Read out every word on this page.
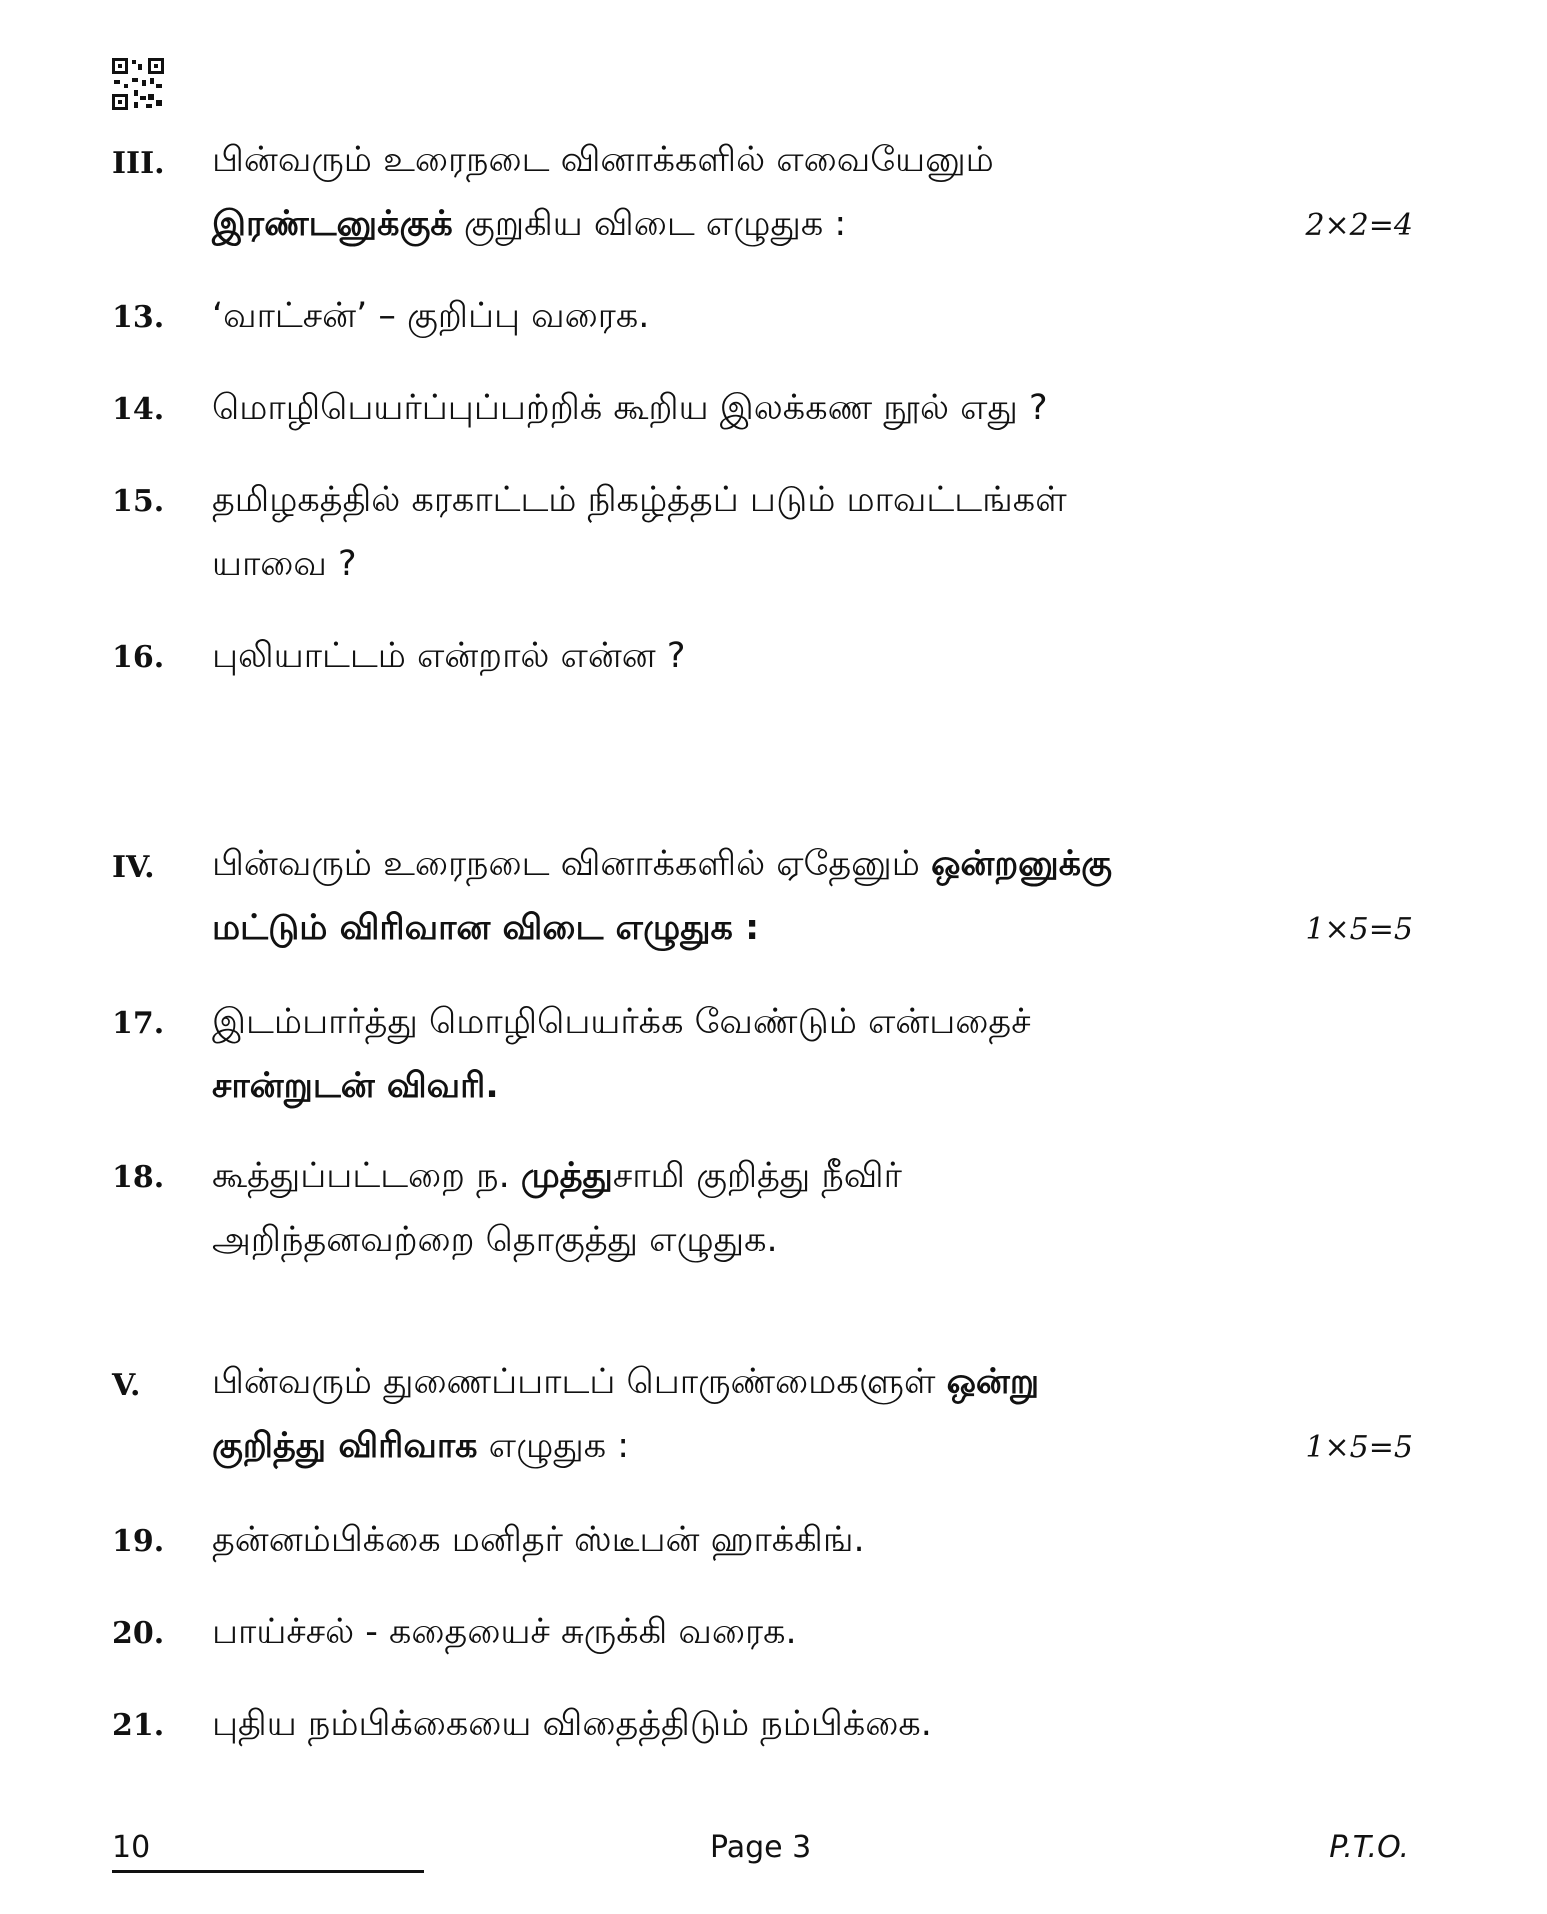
III. பின்வரும் உரைநடை வினாக்களில் எவையேனும்
இரண்டனுக்குக் குறுகிய விடை எழுதுக :	2×2=4
13. ‘வாட்சன்’ – குறிப்பு வரைக.
14. மொழிபெயர்ப்புப்பற்றிக் கூறிய இலக்கண நூல் எது ?
15. தமிழகத்தில் கரகாட்டம் நிகழ்த்தப் படும் மாவட்டங்கள்
யாவை ?
16. புலியாட்டம் என்றால் என்ன ?
IV. பின்வரும் உரைநடை வினாக்களில் ஏதேனும் ஒன்றனுக்கு
மட்டும் விரிவான விடை எழுதுக :	1×5=5
17. இடம்பார்த்து மொழிபெயர்க்க வேண்டும் என்பதைச்
சான்றுடன் விவரி.
18. கூத்துப்பட்டறை ந. முத்துசாமி குறித்து நீவிர்
அறிந்தனவற்றை தொகுத்து எழுதுக.
V. பின்வரும் துணைப்பாடப் பொருண்மைகளுள் ஒன்று
குறித்து விரிவாக எழுதுக :	1×5=5
19. தன்னம்பிக்கை மனிதர் ஸ்டீபன் ஹாக்கிங்.
20. பாய்ச்சல் - கதையைச் சுருக்கி வரைக.
21. புதிய நம்பிக்கையை விதைத்திடும் நம்பிக்கை.
10	Page 3	P.T.O.
